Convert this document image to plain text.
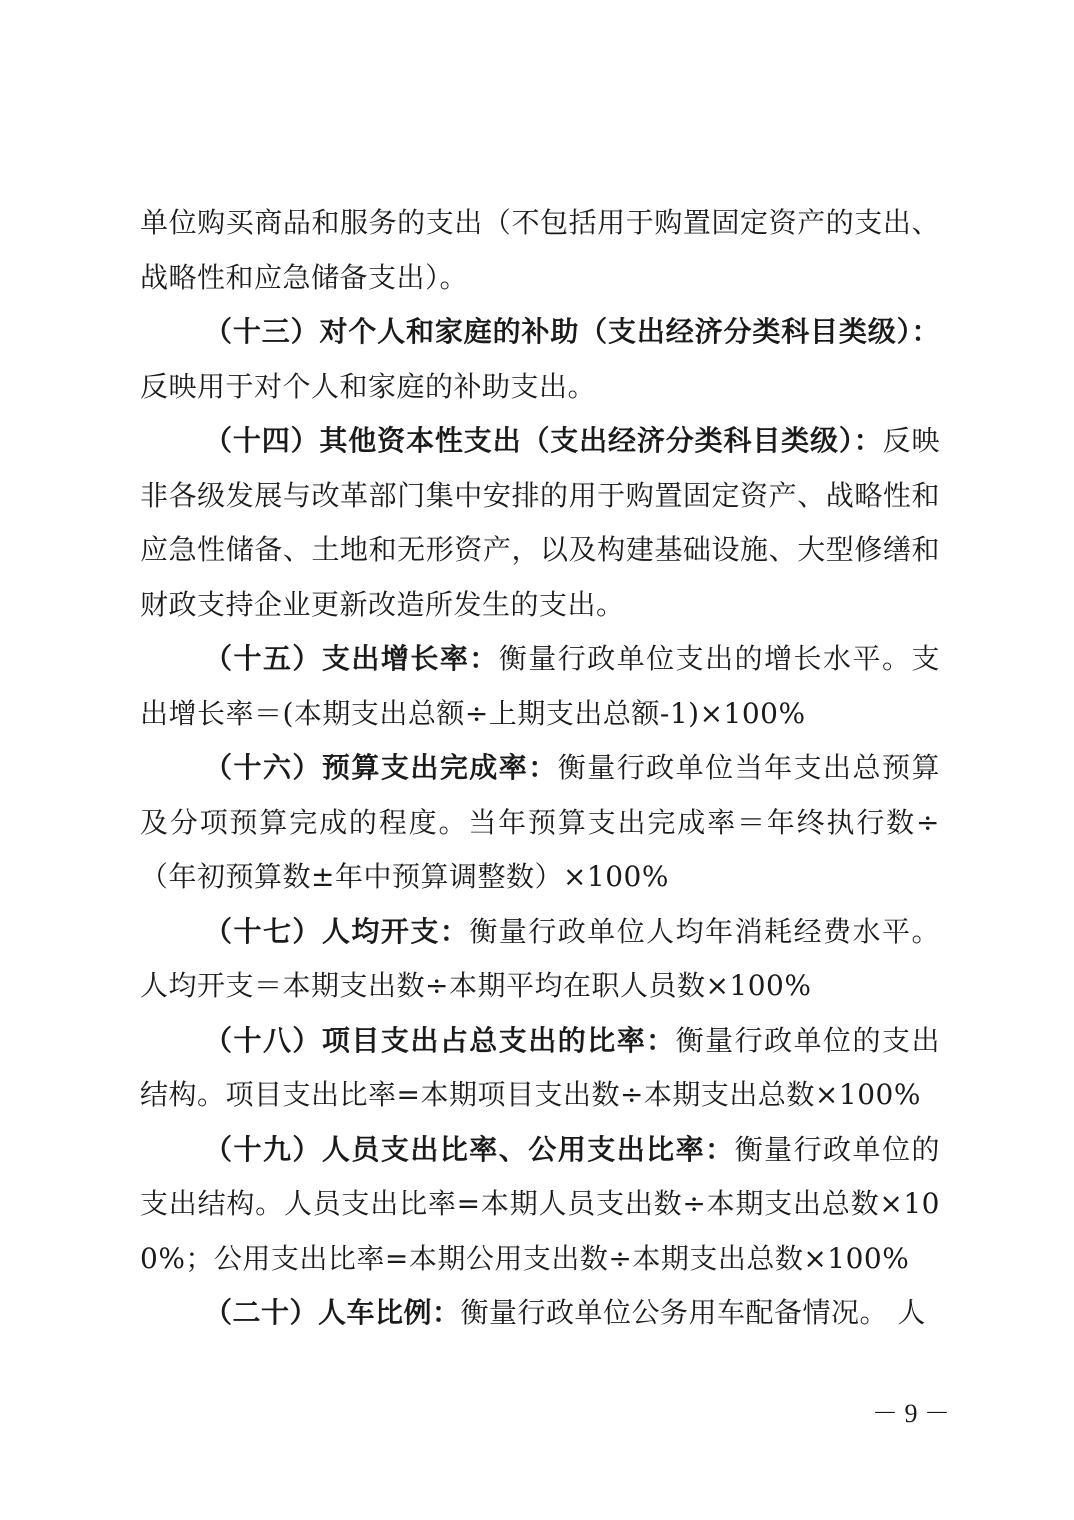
单位购买商品和服务的支出（不包括用于购置固定资产的支出、战略性和应急储备支出）。

（十三）对个人和家庭的补助（支出经济分类科目类级）：反映用于对个人和家庭的补助支出。

（十四）其他资本性支出（支出经济分类科目类级）：反映非各级发展与改革部门集中安排的用于购置固定资产、战略性和应急性储备、土地和无形资产，以及构建基础设施、大型修缮和财政支持企业更新改造所发生的支出。

（十五）支出增长率：衡量行政单位支出的增长水平。支出增长率＝(本期支出总额÷上期支出总额-1)×100%

（十六）预算支出完成率：衡量行政单位当年支出总预算及分项预算完成的程度。当年预算支出完成率＝年终执行数÷（年初预算数±年中预算调整数）×100%

（十七）人均开支：衡量行政单位人均年消耗经费水平。人均开支＝本期支出数÷本期平均在职人员数×100%

（十八）项目支出占总支出的比率：衡量行政单位的支出结构。项目支出比率=本期项目支出数÷本期支出总数×100%

（十九）人员支出比率、公用支出比率：衡量行政单位的支出结构。人员支出比率=本期人员支出数÷本期支出总数×100%；公用支出比率=本期公用支出数÷本期支出总数×100%

（二十）人车比例：衡量行政单位公务用车配备情况。 人

－ 9 －
